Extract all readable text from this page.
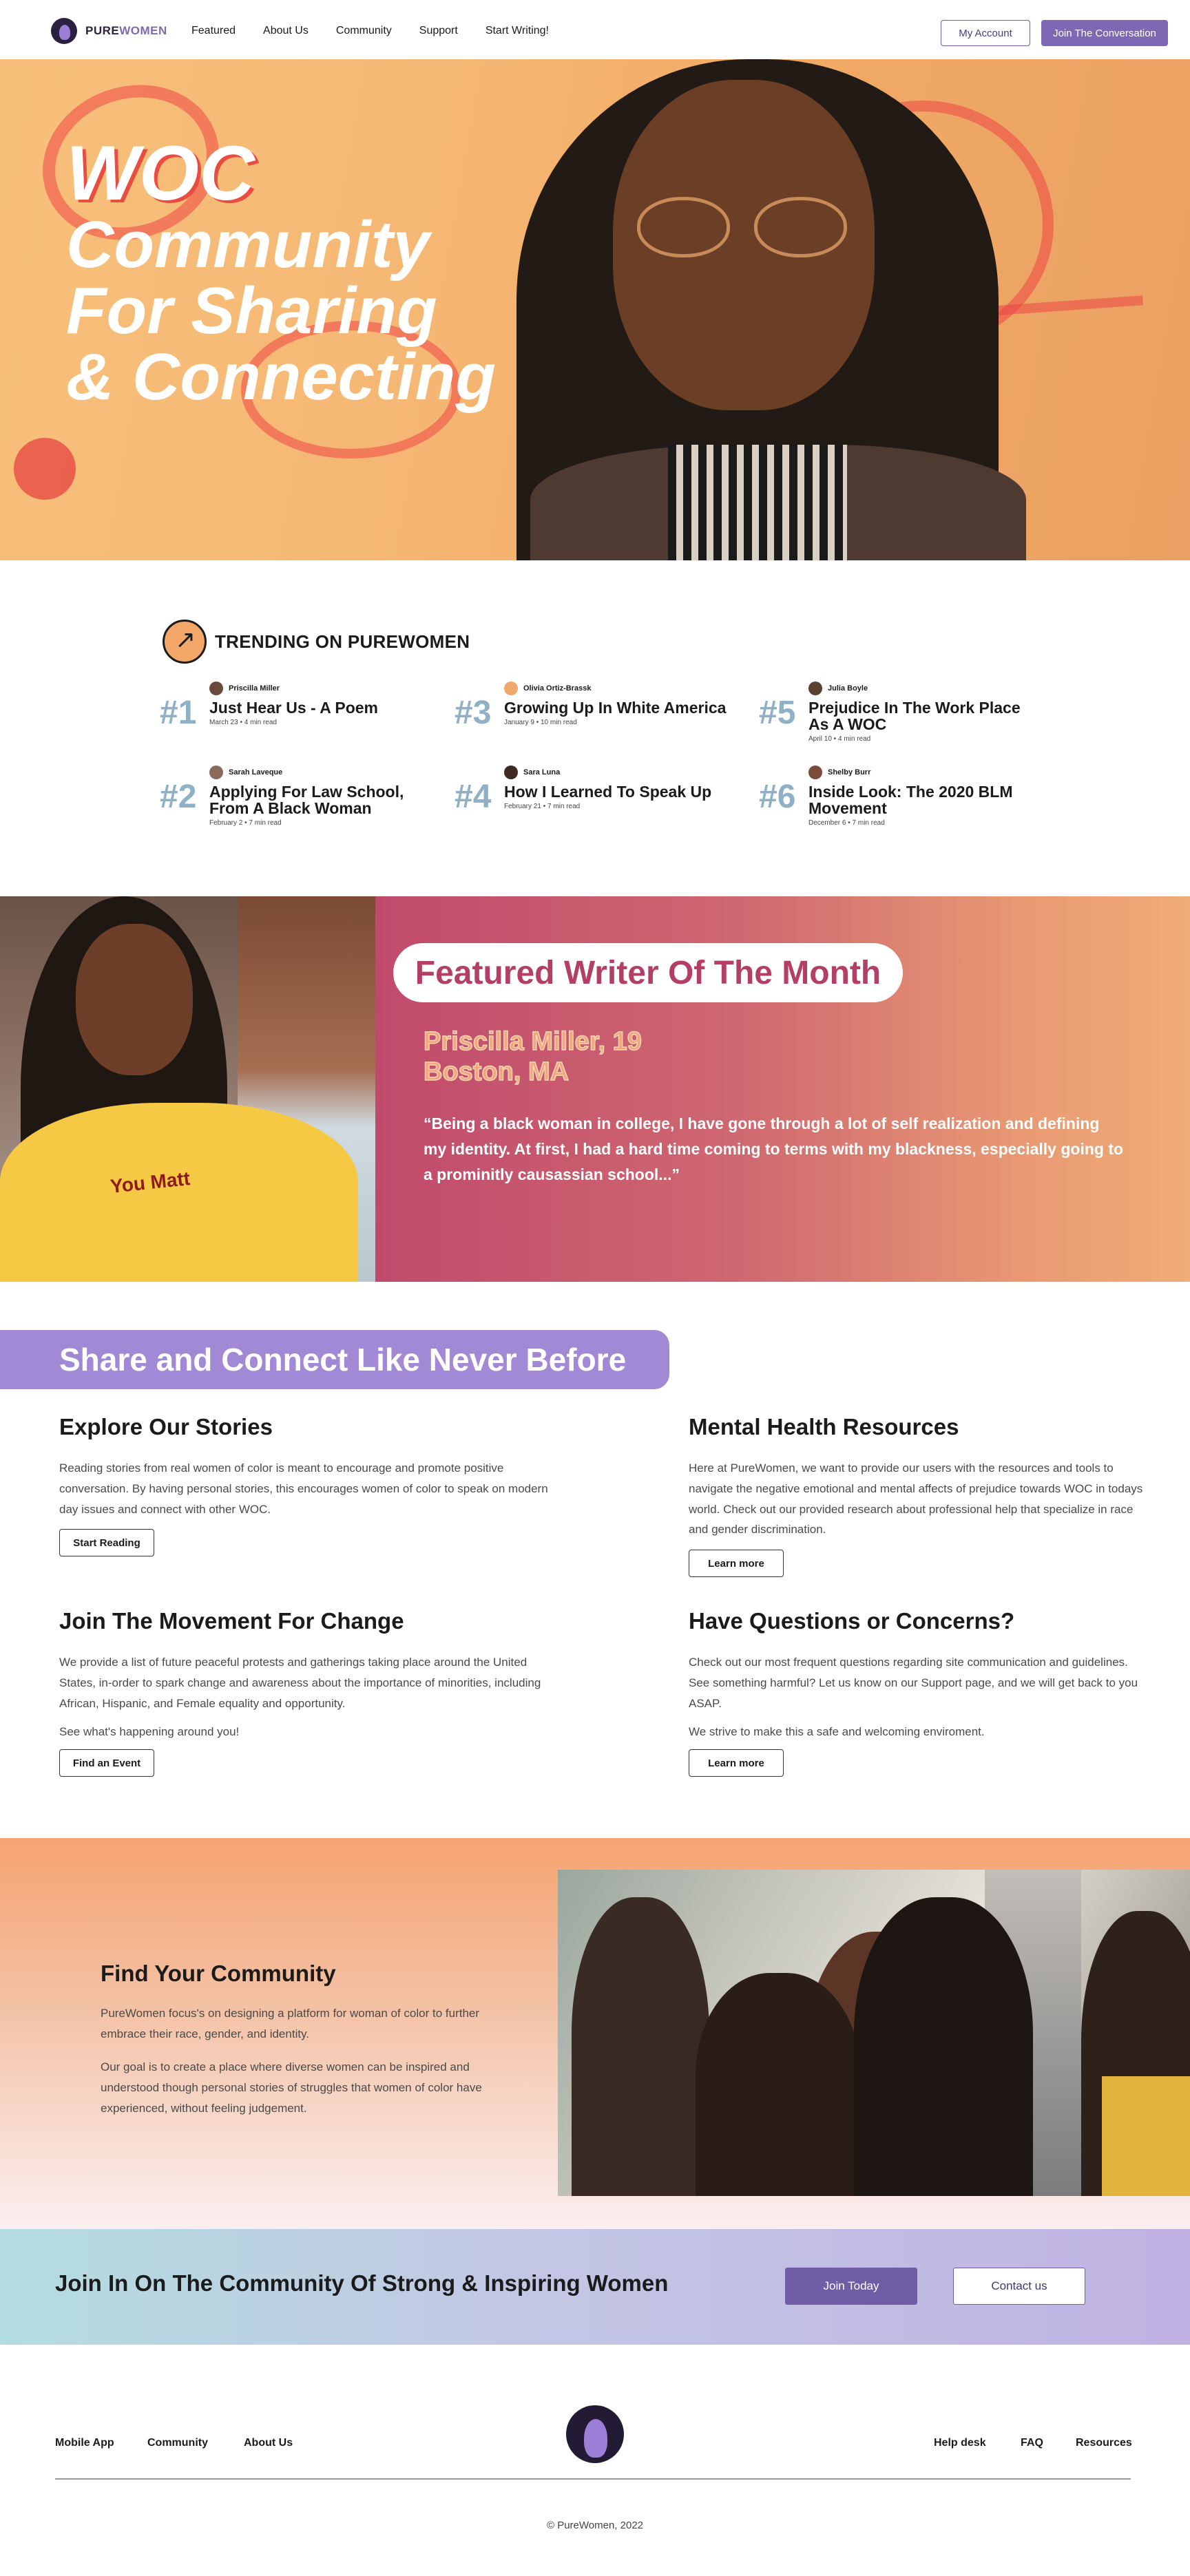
PUREWOMEN Featured	About Us	Community	Support	Start Writing!	My Account	Join The Conversation
WOC
Community
For Sharing
& Connecting
↗
TRENDING ON PUREWOMEN
#1
Priscilla Miller
Just Hear Us - A Poem
March 23 • 4 min read
#2
Sarah Laveque
Applying For Law School, From A Black Woman
February 2 • 7 min read
#3
Olivia Ortiz-Brassk
Growing Up In White America
January 9 • 10 min read
#4
Sara Luna
How I Learned To Speak Up
February 21 • 7 min read
#5
Julia Boyle
Prejudice In The Work Place As A WOC
April 10 • 4 min read
#6
Shelby Burr
Inside Look: The 2020 BLM Movement
December 6 • 7 min read
You Matt
Featured Writer Of The Month
Priscilla Miller, 19
Boston, MA
“Being a black woman in college, I have gone through a lot of self realization and defining my identity. At first, I had a hard time coming to terms with my blackness, especially going to a prominitly causassian school...”
Share and Connect Like Never Before
Explore Our Stories

Reading stories from real women of color is meant to encourage and promote positive conversation. By having personal stories, this encourages women of color to speak on modern day issues and connect with other WOC.

Start Reading
Mental Health Resources

Here at PureWomen, we want to provide our users with the resources and tools to navigate the negative emotional and mental affects of prejudice towards WOC in todays world. Check out our provided research about professional help that specialize in race and gender discrimination.

Learn more
Join The Movement For Change

We provide a list of future peaceful protests and gatherings taking place around the United States, in-order to spark change and awareness about the importance of minorities, including African, Hispanic, and Female equality and opportunity.

See what's happening around you!

Find an Event
Have Questions or Concerns?

Check out our most frequent questions regarding site communication and guidelines. See something harmful? Let us know on our Support page, and we will get back to you ASAP.

We strive to make this a safe and welcoming enviroment.

Learn more
Find Your Community
PureWomen focus's on designing a platform for woman of color to further embrace their race, gender, and identity.
Our goal is to create a place where diverse women can be inspired and understood though personal stories of struggles that women of color have experienced, without feeling judgement.
Join In On The Community Of Strong & Inspiring Women	Join Today	Contact us
Mobile App	Community	About Us	Help desk	FAQ	Resources
© PureWomen, 2022
